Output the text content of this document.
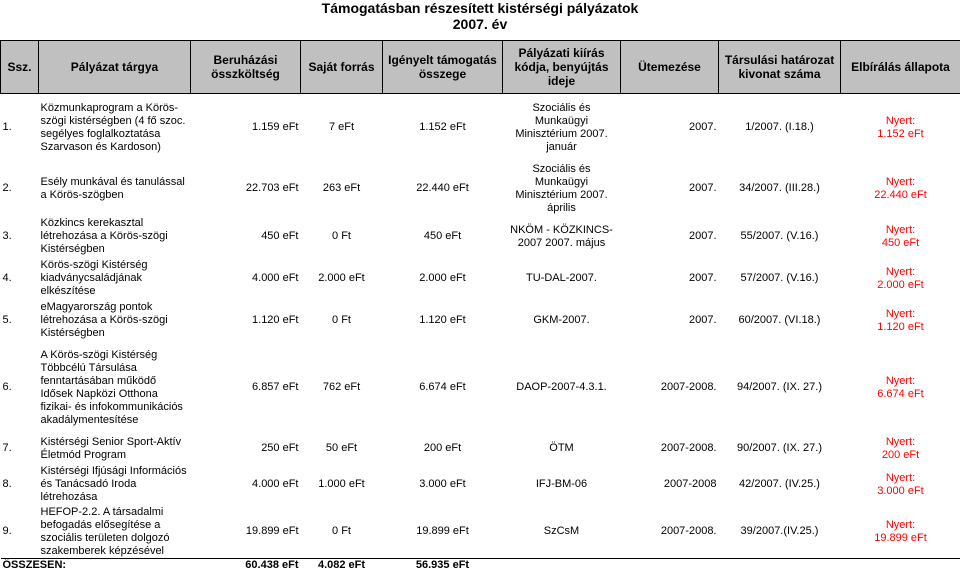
Támogatásban részesített kistérségi pályázatok
2007. év
Ssz.	Pályázat tárgya	Beruházási összköltség	Saját forrás	Igényelt támogatás összege	Pályázati kiírás kódja, benyújtás ideje	Ütemezése	Társulási határozat kivonat száma	Elbírálás állapota
1.	Közmunkaprogram a Körös-szögi kistérségben (4 fő szoc. segélyes foglalkoztatása Szarvason és Kardoson)	1.159 eFt	7 eFt	1.152 eFt	Szociális és Munkaügyi Minisztérium 2007. január	2007.	1/2007. (I.18.)	Nyert:
1.152 eFt
2.	Esély munkával és tanulással a Körös-szögben	22.703 eFt	263 eFt	22.440 eFt	Szociális és Munkaügyi Minisztérium 2007. április	2007.	34/2007. (III.28.)	Nyert:
22.440 eFt
3.	Közkincs kerekasztal létrehozása a Körös-szögi Kistérségben	450 eFt	0 Ft	450 eFt	NKÖM - KÖZKINCS-2007 2007. május	2007.	55/2007. (V.16.)	Nyert:
450 eFt
4.	Körös-szögi Kistérség kiadványcsaládjának elkészítése	4.000 eFt	2.000 eFt	2.000 eFt	TU-DAL-2007.	2007.	57/2007. (V.16.)	Nyert:
2.000 eFt
5.	eMagyarország pontok létrehozása a Körös-szögi Kistérségben	1.120 eFt	0 Ft	1.120 eFt	GKM-2007.	2007.	60/2007. (VI.18.)	Nyert:
1.120 eFt
6.	A Körös-szögi Kistérség Többcélú Társulása fenntartásában működő Idősek Napközi Otthona fizikai- és infokommunikációs akadálymentesítése	6.857 eFt	762 eFt	6.674 eFt	DAOP-2007-4.3.1.	2007-2008.	94/2007. (IX. 27.)	Nyert:
6.674 eFt
7.	Kistérségi Senior Sport-Aktív Életmód Program	250 eFt	50 eFt	200 eFt	ÖTM	2007-2008.	90/2007. (IX. 27.)	Nyert:
200 eFt
8.	Kistérségi Ifjúsági Információs és Tanácsadó Iroda létrehozása	4.000 eFt	1.000 eFt	3.000 eFt	IFJ-BM-06	2007-2008	42/2007. (IV.25.)	Nyert:
3.000 eFt
9.	HEFOP-2.2. A társadalmi befogadás elősegítése a szociális területen dolgozó szakemberek képzésével	19.899 eFt	0 Ft	19.899 eFt	SzCsM	2007-2008.	39/2007.(IV.25.)	Nyert:
19.899 eFt
ÖSSZESEN:		60.438 eFt	4.082 eFt	56.935 eFt				
